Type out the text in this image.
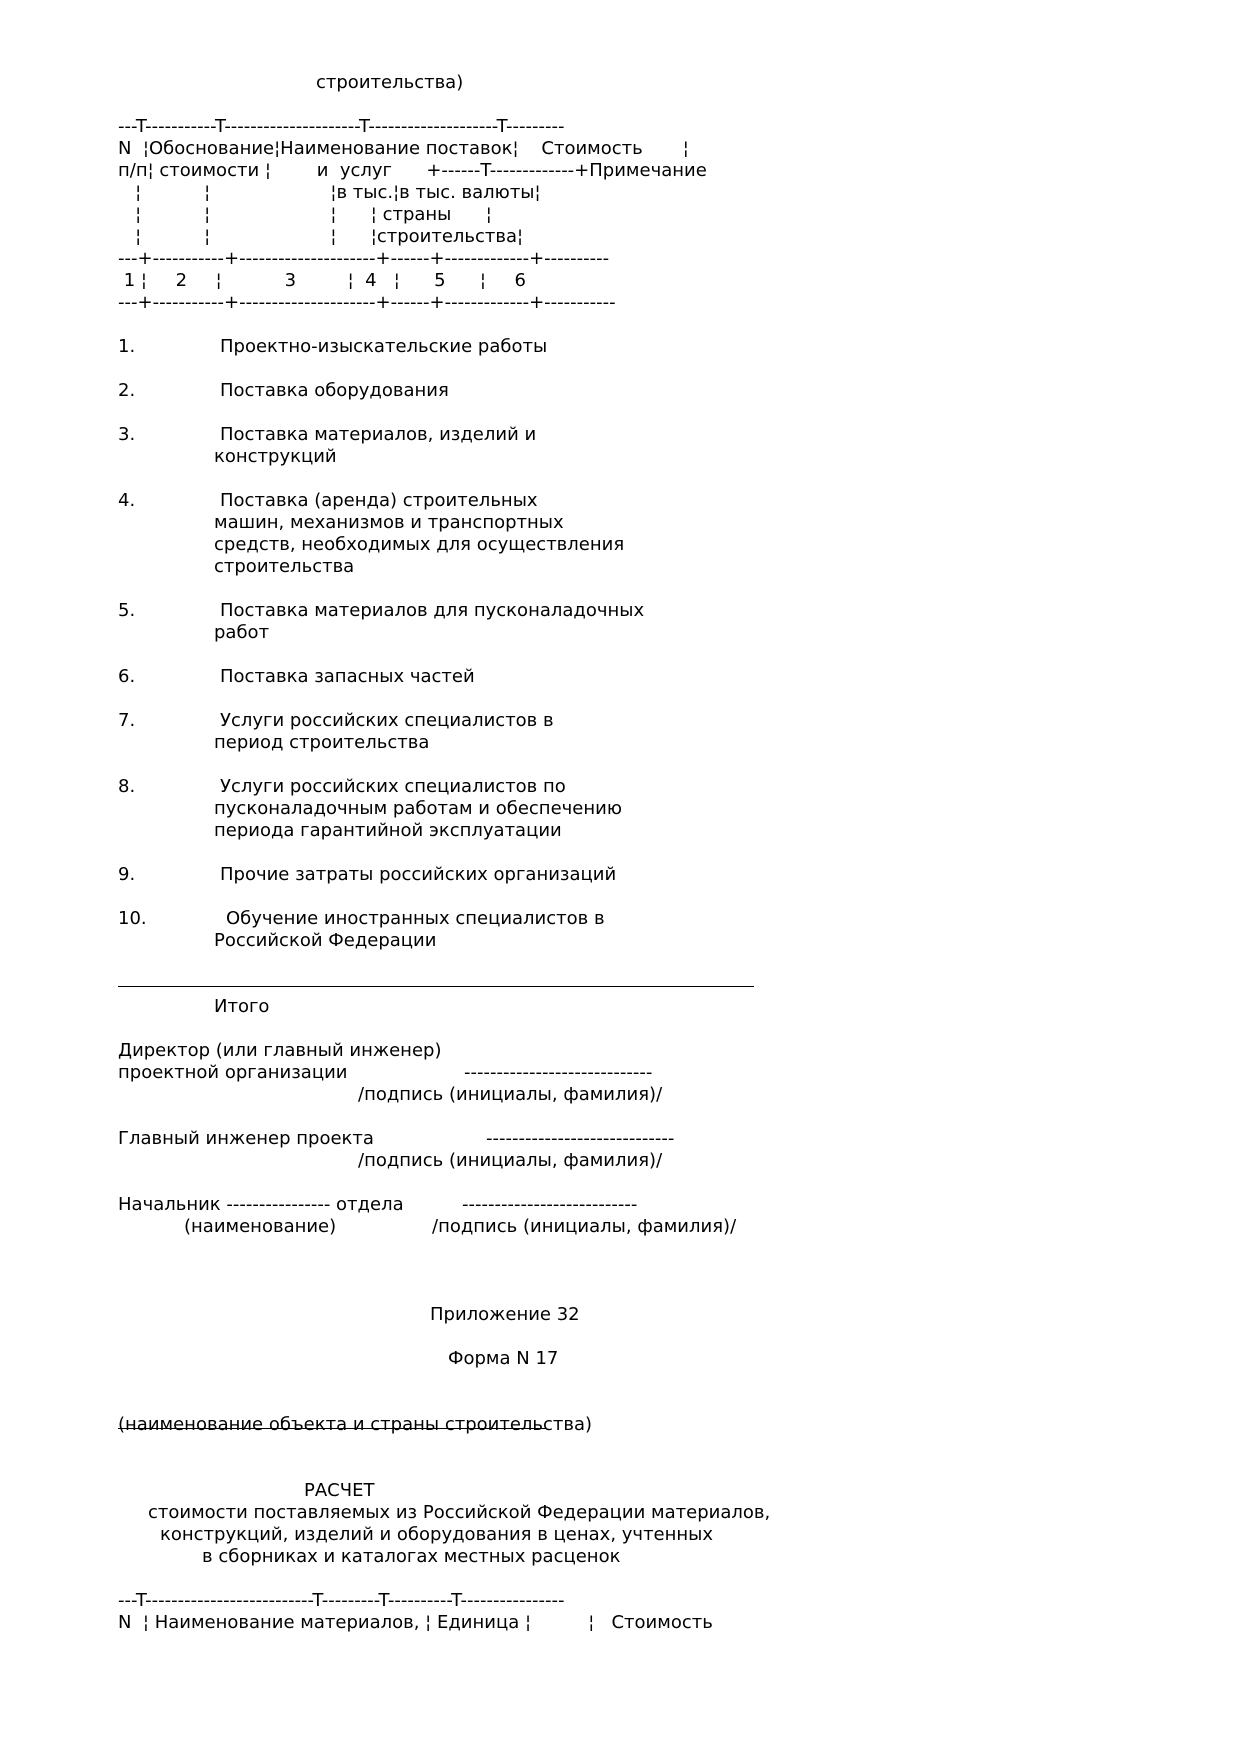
строительства)
---T-----------T---------------------T--------------------T---------
N  ¦Обоснование¦Наименование поставок¦    Стоимость       ¦
п/п¦ стоимости ¦        и  услуг      +------T-------------+Примечание
¦           ¦                     ¦в тыс.¦в тыс. валюты¦
¦           ¦                     ¦      ¦ страны      ¦
¦           ¦                     ¦      ¦строительства¦
---+-----------+---------------------+------+-------------+----------
1 ¦     2     ¦           3         ¦  4   ¦      5      ¦     6
---+-----------+---------------------+------+-------------+-----------
1.	Проектно-изыскательские работы
2.	Поставка оборудования
3.	Поставка материалов, изделий и
конструкций
4.	Поставка (аренда) строительных
машин, механизмов и транспортных
средств, необходимых для осуществления
строительства
5.	Поставка материалов для пусконаладочных
работ
6.	Поставка запасных частей
7.	Услуги российских специалистов в
период строительства
8.	Услуги российских специалистов по
пусконаладочным работам и обеспечению
периода гарантийной эксплуатации
9.	Прочие затраты российских организаций
10.	Обучение иностранных специалистов в
Российской Федерации
Итого
Директор (или главный инженер)
проектной организации	-----------------------------
/подпись (инициалы, фамилия)/
Главный инженер проекта	-----------------------------
/подпись (инициалы, фамилия)/
Начальник ---------------- отдела	---------------------------
(наименование)	/подпись (инициалы, фамилия)/
Приложение 32
Форма N 17
(наименование объекта и страны строительства)
РАСЧЕТ
стоимости поставляемых из Российской Федерации материалов,
конструкций, изделий и оборудования в ценах, учтенных
в сборниках и каталогах местных расценок
---T--------------------------T---------T----------T----------------
N  ¦ Наименование материалов, ¦ Единица ¦          ¦   Стоимость
